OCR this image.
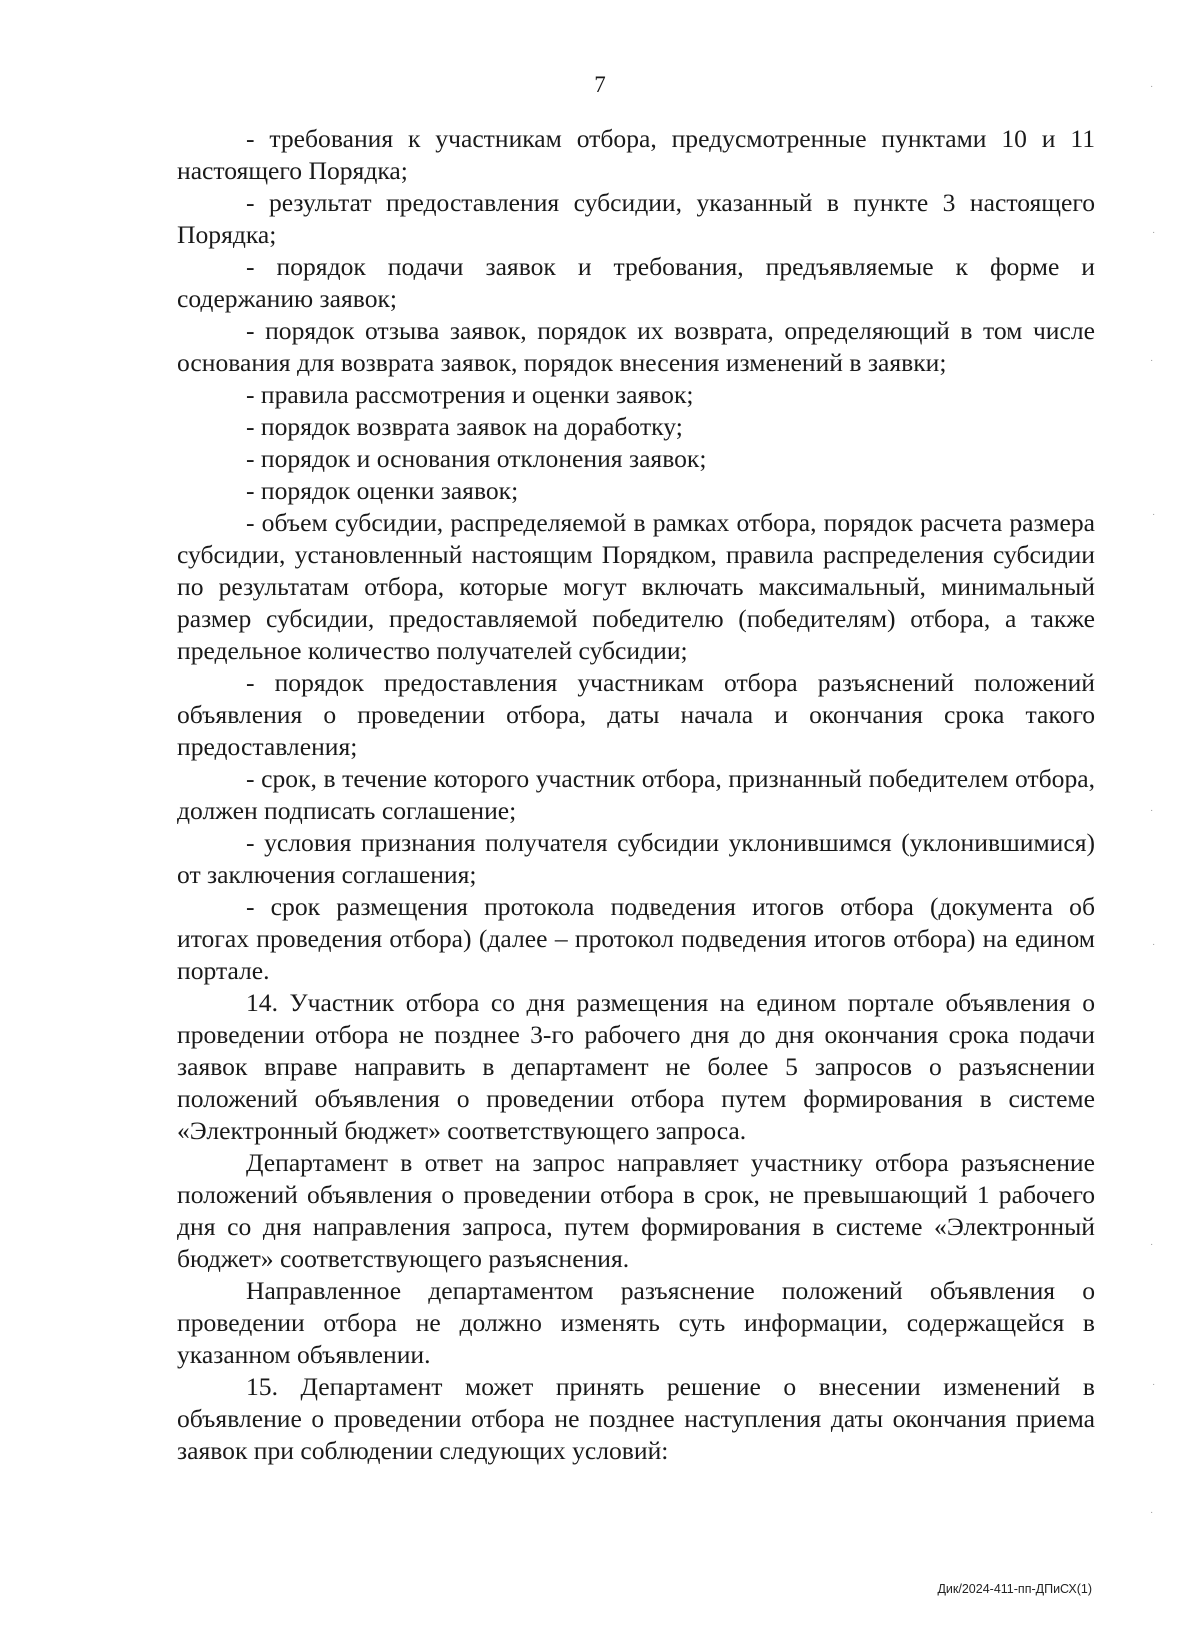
7

- требования к участникам отбора, предусмотренные пунктами 10 и 11 настоящего Порядка;

- результат предоставления субсидии, указанный в пункте 3 настоящего Порядка;

- порядок подачи заявок и требования, предъявляемые к форме и содержанию заявок;

- порядок отзыва заявок, порядок их возврата, определяющий в том числе основания для возврата заявок, порядок внесения изменений в заявки;

- правила рассмотрения и оценки заявок;

- порядок возврата заявок на доработку;

- порядок и основания отклонения заявок;

- порядок оценки заявок;

- объем субсидии, распределяемой в рамках отбора, порядок расчета размера субсидии, установленный настоящим Порядком, правила распределения субсидии по результатам отбора, которые могут включать максимальный, минимальный размер субсидии, предоставляемой победителю (победителям) отбора, а также предельное количество получателей субсидии;

- порядок предоставления участникам отбора разъяснений положений объявления о проведении отбора, даты начала и окончания срока такого предоставления;

- срок, в течение которого участник отбора, признанный победителем отбора, должен подписать соглашение;

- условия признания получателя субсидии уклонившимся (уклонившимися) от заключения соглашения;

- срок размещения протокола подведения итогов отбора (документа об итогах проведения отбора) (далее – протокол подведения итогов отбора) на едином портале.

14. Участник отбора со дня размещения на едином портале объявления о проведении отбора не позднее 3-го рабочего дня до дня окончания срока подачи заявок вправе направить в департамент не более 5 запросов о разъяснении положений объявления о проведении отбора путем формирования в системе «Электронный бюджет» соответствующего запроса.

Департамент в ответ на запрос направляет участнику отбора разъяснение положений объявления о проведении отбора в срок, не превышающий 1 рабочего дня со дня направления запроса, путем формирования в системе «Электронный бюджет» соответствующего разъяснения.

Направленное департаментом разъяснение положений объявления о проведении отбора не должно изменять суть информации, содержащейся в указанном объявлении.

15. Департамент может принять решение о внесении изменений в объявление о проведении отбора не позднее наступления даты окончания приема заявок при соблюдении следующих условий:

Дик/2024-411-пп-ДПиСХ(1)
·
·
·
·
·
·
·
·
·
